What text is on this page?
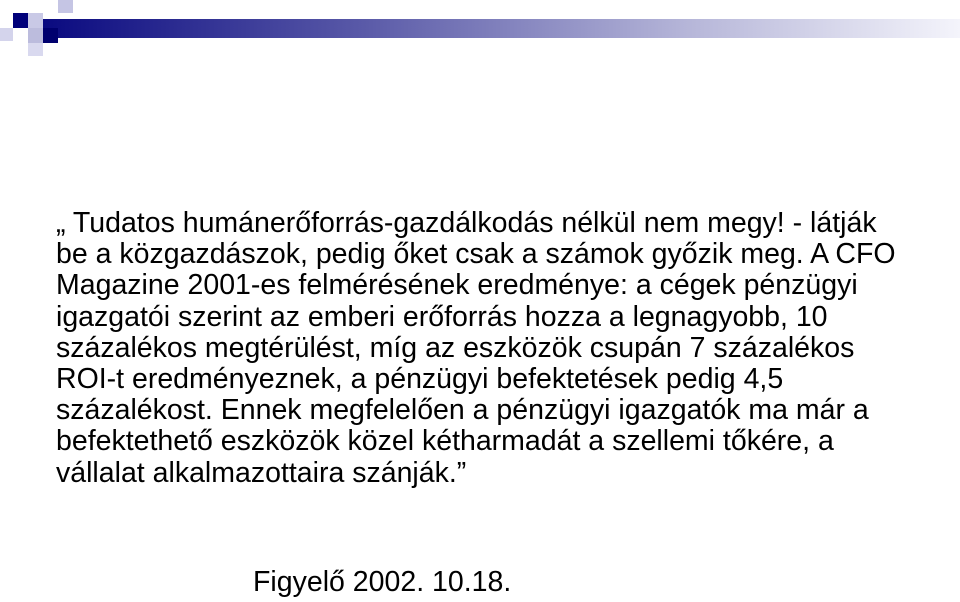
„ Tudatos humánerőforrás-gazdálkodás nélkül nem megy! - látják be a közgazdászok, pedig őket csak a számok győzik meg. A CFO Magazine 2001-es felmérésének eredménye: a cégek pénzügyi igazgatói szerint az emberi erőforrás hozza a legnagyobb, 10 százalékos megtérülést, míg az eszközök csupán 7 százalékos ROI-t eredményeznek, a pénzügyi befektetések pedig 4,5 százalékost. Ennek megfelelően a pénzügyi igazgatók ma már a befektethető eszközök közel kétharmadát a szellemi tőkére, a vállalat alkalmazottaira szánják.”

Figyelő 2002. 10.18.
